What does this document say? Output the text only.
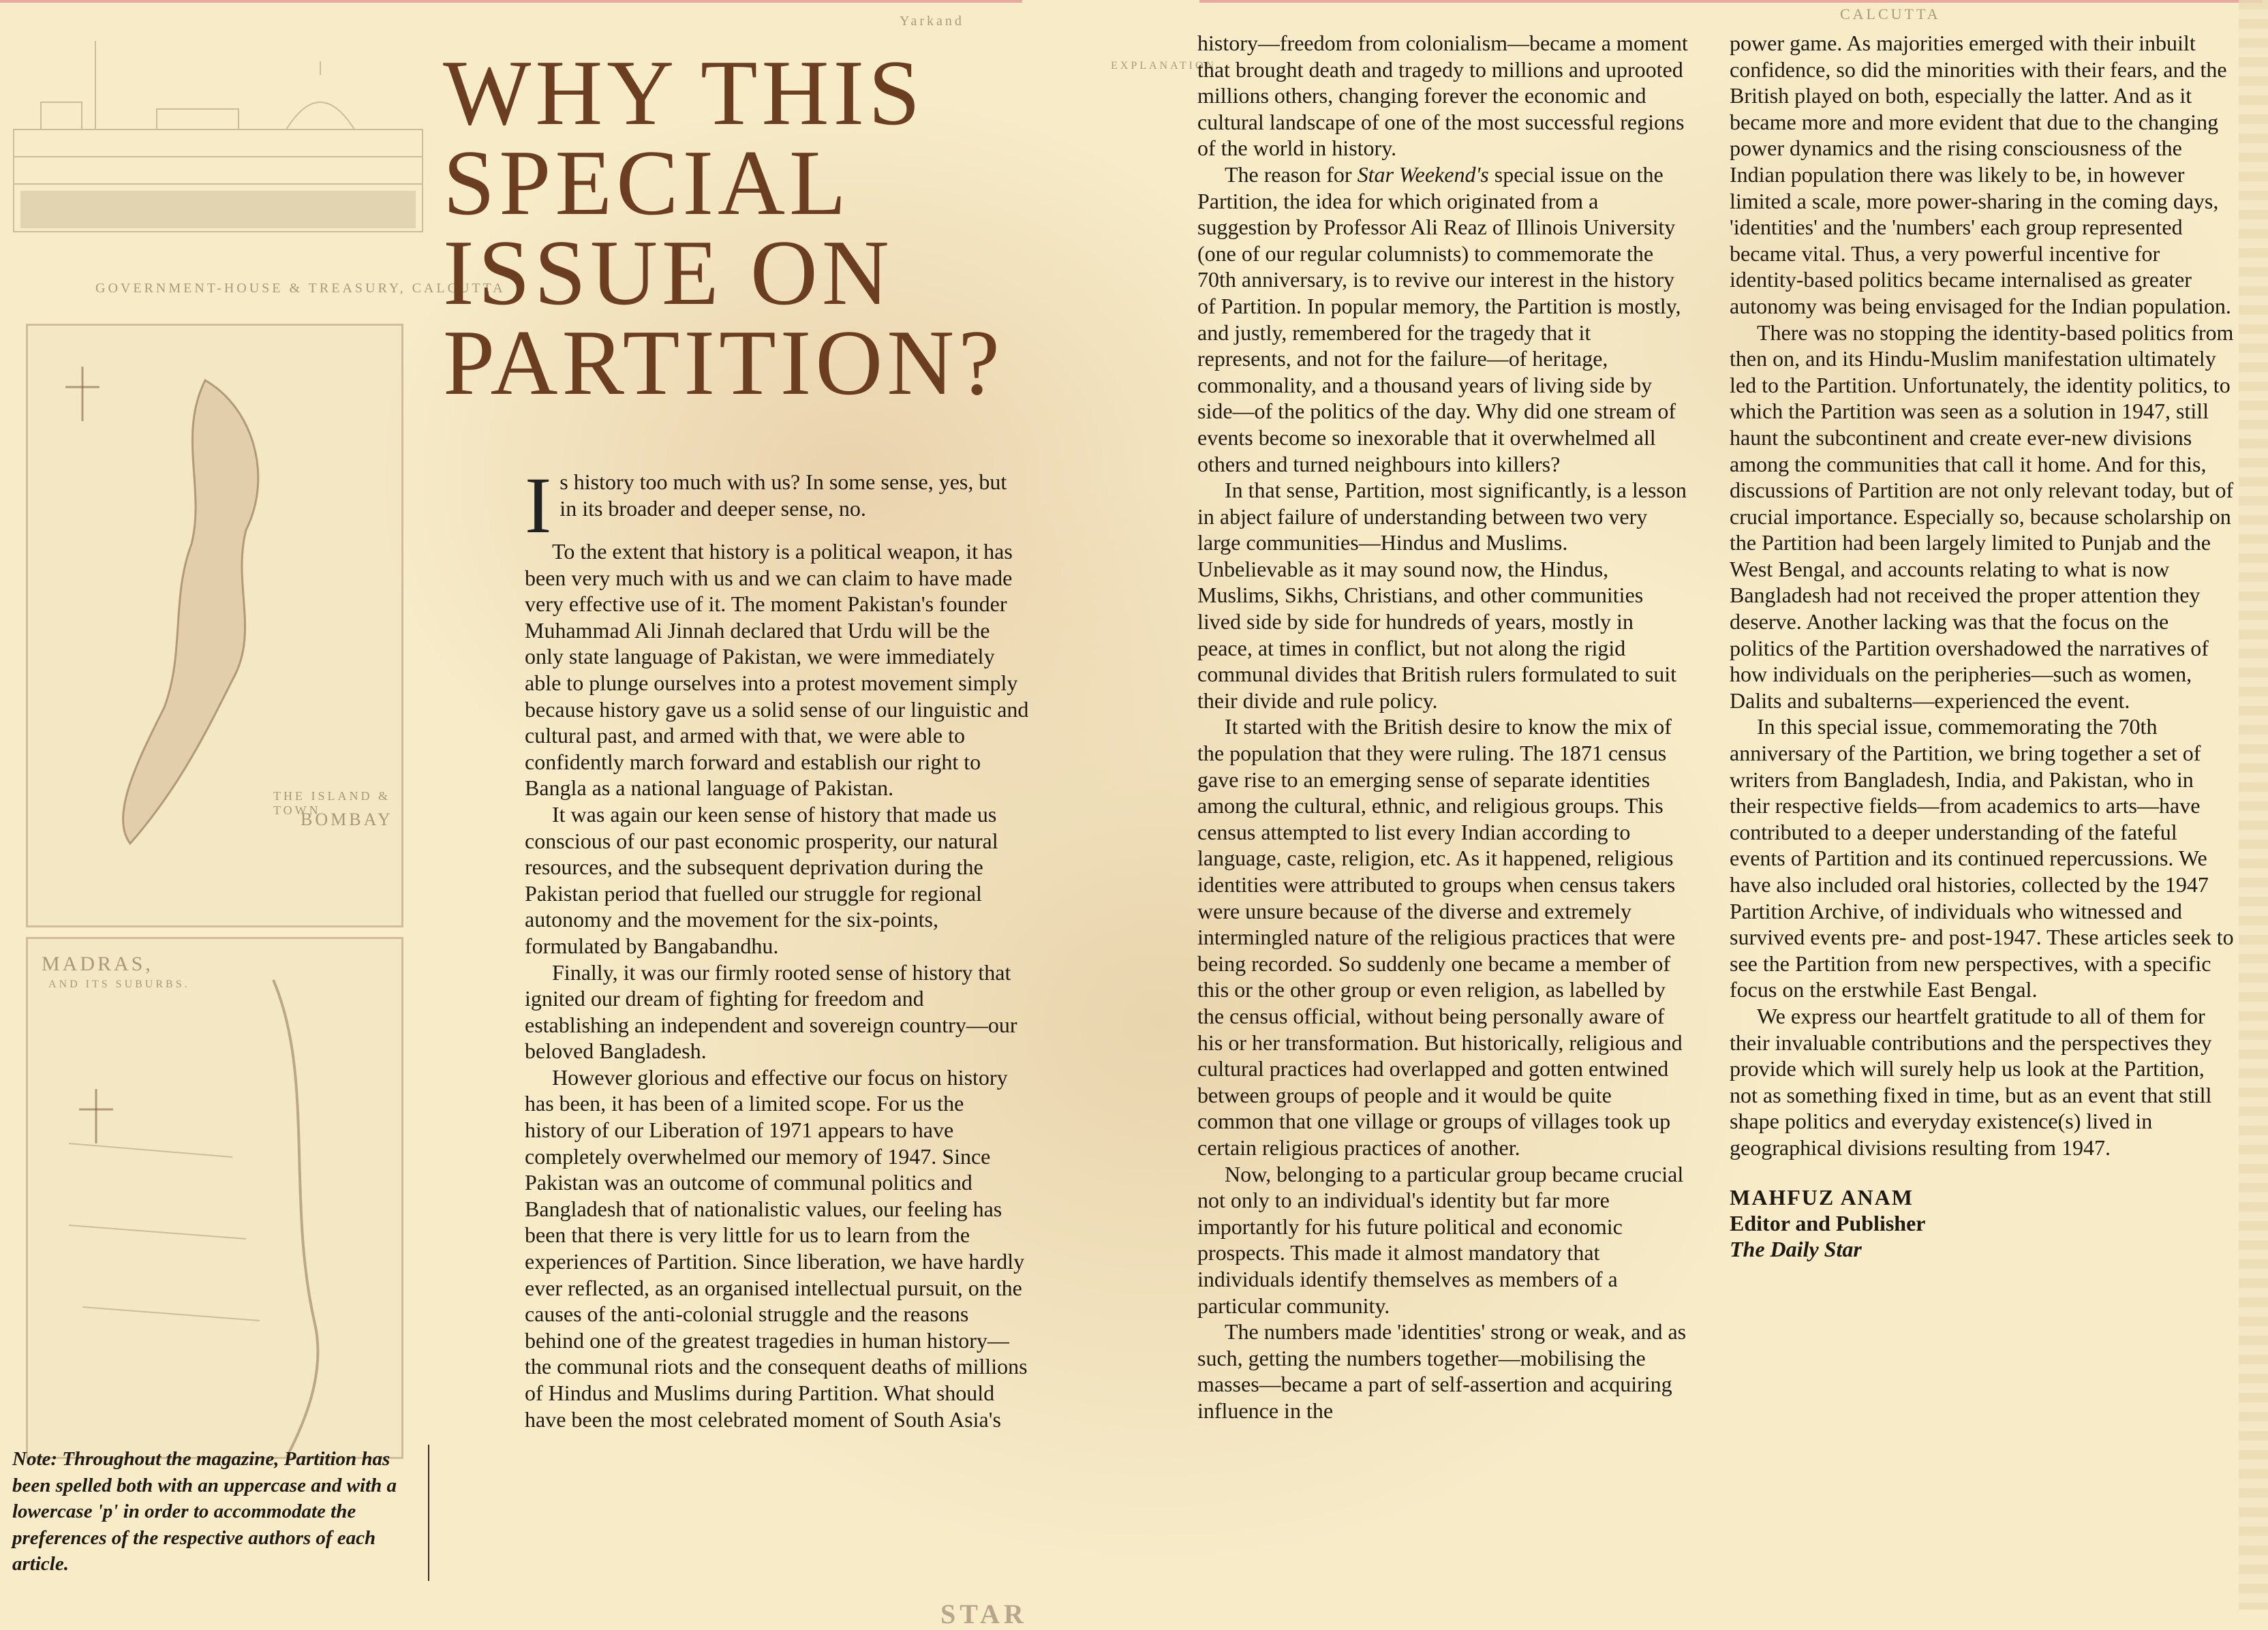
GOVERNMENT-HOUSE & TREASURY, CALCUTTA
THE ISLAND & TOWN
BOMBAY
MADRAS,
AND ITS SUBURBS.
Yarkand
EXPLANATION
CALCUTTA
WHY THIS
SPECIAL
ISSUE ON
PARTITION?

Is history too much with us? In some sense, yes, but in its broader and deeper sense, no.

To the extent that history is a political weapon, it has been very much with us and we can claim to have made very effective use of it. The moment Pakistan's founder Muhammad Ali Jinnah declared that Urdu will be the only state language of Pakistan, we were immediately able to plunge ourselves into a protest movement simply because history gave us a solid sense of our linguistic and cultural past, and armed with that, we were able to confidently march forward and establish our right to Bangla as a national language of Pakistan.

It was again our keen sense of history that made us conscious of our past economic prosperity, our natural resources, and the subsequent deprivation during the Pakistan period that fuelled our struggle for regional autonomy and the movement for the six-points, formulated by Bangabandhu.

Finally, it was our firmly rooted sense of history that ignited our dream of fighting for freedom and establishing an independent and sovereign country—our beloved Bangladesh.

However glorious and effective our focus on history has been, it has been of a limited scope. For us the history of our Liberation of 1971 appears to have completely overwhelmed our memory of 1947. Since Pakistan was an outcome of communal politics and Bangladesh that of nationalistic values, our feeling has been that there is very little for us to learn from the experiences of Partition. Since liberation, we have hardly ever reflected, as an organised intellectual pursuit, on the causes of the anti-colonial struggle and the reasons behind one of the greatest tragedies in human history—the communal riots and the consequent deaths of millions of Hindus and Muslims during Partition. What should have been the most celebrated moment of South Asia's

history—freedom from colonialism—became a moment that brought death and tragedy to millions and uprooted millions others, changing forever the economic and cultural landscape of one of the most successful regions of the world in history.

The reason for Star Weekend's special issue on the Partition, the idea for which originated from a suggestion by Professor Ali Reaz of Illinois University (one of our regular columnists) to commemorate the 70th anniversary, is to revive our interest in the history of Partition. In popular memory, the Partition is mostly, and justly, remembered for the tragedy that it represents, and not for the failure—of heritage, commonality, and a thousand years of living side by side—of the politics of the day. Why did one stream of events become so inexorable that it overwhelmed all others and turned neighbours into killers?

In that sense, Partition, most significantly, is a lesson in abject failure of understanding between two very large communities—Hindus and Muslims. Unbelievable as it may sound now, the Hindus, Muslims, Sikhs, Christians, and other communities lived side by side for hundreds of years, mostly in peace, at times in conflict, but not along the rigid communal divides that British rulers formulated to suit their divide and rule policy.

It started with the British desire to know the mix of the population that they were ruling. The 1871 census gave rise to an emerging sense of separate identities among the cultural, ethnic, and religious groups. This census attempted to list every Indian according to language, caste, religion, etc. As it happened, religious identities were attributed to groups when census takers were unsure because of the diverse and extremely intermingled nature of the religious practices that were being recorded. So suddenly one became a member of this or the other group or even religion, as labelled by the census official, without being personally aware of his or her transformation. But historically, religious and cultural practices had overlapped and gotten entwined between groups of people and it would be quite common that one village or groups of villages took up certain religious practices of another.

Now, belonging to a particular group became crucial not only to an individual's identity but far more importantly for his future political and economic prospects. This made it almost mandatory that individuals identify themselves as members of a particular community.

The numbers made 'identities' strong or weak, and as such, getting the numbers together—mobilising the masses—became a part of self-assertion and acquiring influence in the

power game. As majorities emerged with their inbuilt confidence, so did the minorities with their fears, and the British played on both, especially the latter. And as it became more and more evident that due to the changing power dynamics and the rising consciousness of the Indian population there was likely to be, in however limited a scale, more power-sharing in the coming days, 'identities' and the 'numbers' each group represented became vital. Thus, a very powerful incentive for identity-based politics became internalised as greater autonomy was being envisaged for the Indian population.

There was no stopping the identity-based politics from then on, and its Hindu-Muslim manifestation ultimately led to the Partition. Unfortunately, the identity politics, to which the Partition was seen as a solution in 1947, still haunt the subcontinent and create ever-new divisions among the communities that call it home. And for this, discussions of Partition are not only relevant today, but of crucial importance. Especially so, because scholarship on the Partition had been largely limited to Punjab and the West Bengal, and accounts relating to what is now Bangladesh had not received the proper attention they deserve. Another lacking was that the focus on the politics of the Partition overshadowed the narratives of how individuals on the peripheries—such as women, Dalits and subalterns—experienced the event.

In this special issue, commemorating the 70th anniversary of the Partition, we bring together a set of writers from Bangladesh, India, and Pakistan, who in their respective fields—from academics to arts—have contributed to a deeper understanding of the fateful events of Partition and its continued repercussions. We have also included oral histories, collected by the 1947 Partition Archive, of individuals who witnessed and survived events pre- and post-1947. These articles seek to see the Partition from new perspectives, with a specific focus on the erstwhile East Bengal.

We express our heartfelt gratitude to all of them for their invaluable contributions and the perspectives they provide which will surely help us look at the Partition, not as something fixed in time, but as an event that still shape politics and everyday existence(s) lived in geographical divisions resulting from 1947.

MAHFUZ ANAM
Editor and Publisher
The Daily Star
Note: Throughout the magazine, Partition has been spelled both with an uppercase and with a lowercase 'p' in order to accommodate the preferences of the respective authors of each article.
STAR
